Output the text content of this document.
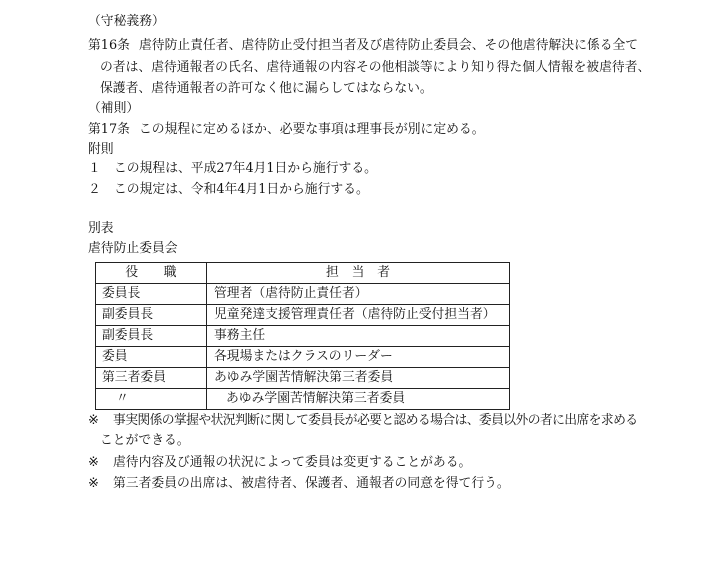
（守秘義務）
第16条 虐待防止責任者、虐待防止受付担当者及び虐待防止委員会、その他虐待解決に係る全て
の者は、虐待通報者の氏名、虐待通報の内容その他相談等により知り得た個人情報を被虐待者、
保護者、虐待通報者の許可なく他に漏らしてはならない。
（補則）
第17条 この規程に定めるほか、必要な事項は理事長が別に定める。
附則
１ この規程は、平成27年4月1日から施行する。
２ この規定は、令和4年4月1日から施行する。
別表
虐待防止委員会
役　　職	担　当　者
委員長	管理者（虐待防止責任者）
副委員長	児童発達支援管理責任者（虐待防止受付担当者）
副委員長	事務主任
委員	各現場またはクラスのリーダー
第三者委員	あゆみ学園苦情解決第三者委員
〃	あゆみ学園苦情解決第三者委員
※ 事実関係の掌握や状況判断に関して委員長が必要と認める場合は、委員以外の者に出席を求める
ことができる。
※ 虐待内容及び通報の状況によって委員は変更することがある。
※ 第三者委員の出席は、被虐待者、保護者、通報者の同意を得て行う。
